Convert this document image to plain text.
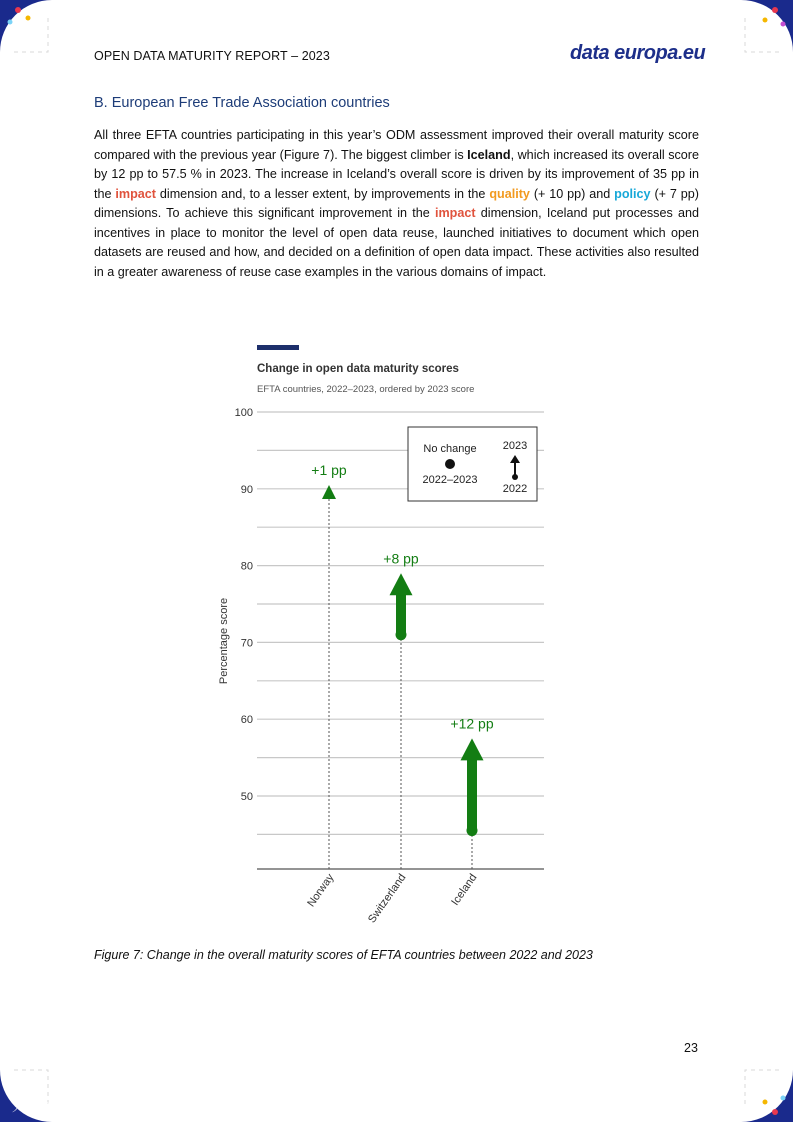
OPEN DATA MATURITY REPORT – 2023	data europa.eu
B. European Free Trade Association countries
All three EFTA countries participating in this year’s ODM assessment improved their overall maturity score compared with the previous year (Figure 7). The biggest climber is Iceland, which increased its overall score by 12 pp to 57.5 % in 2023. The increase in Iceland’s overall score is driven by its improvement of 35 pp in the impact dimension and, to a lesser extent, by improvements in the quality (+ 10 pp) and policy (+ 7 pp) dimensions. To achieve this significant improvement in the impact dimension, Iceland put processes and incentives in place to monitor the level of open data reuse, launched initiatives to document which open datasets are reused and how, and decided on a definition of open data impact. These activities also resulted in a greater awareness of reuse case examples in the various domains of impact.
Change in open data maturity scores
EFTA countries, 2022–2023, ordered by 2023 score
50
60
70
80
90
100
Percentage score
No change
2022–2023
2023
2022
+1 pp
Norway
+8 pp
Switzerland
+12 pp
Iceland
Figure 7: Change in the overall maturity scores of EFTA countries between 2022 and 2023
23
大数跨境
